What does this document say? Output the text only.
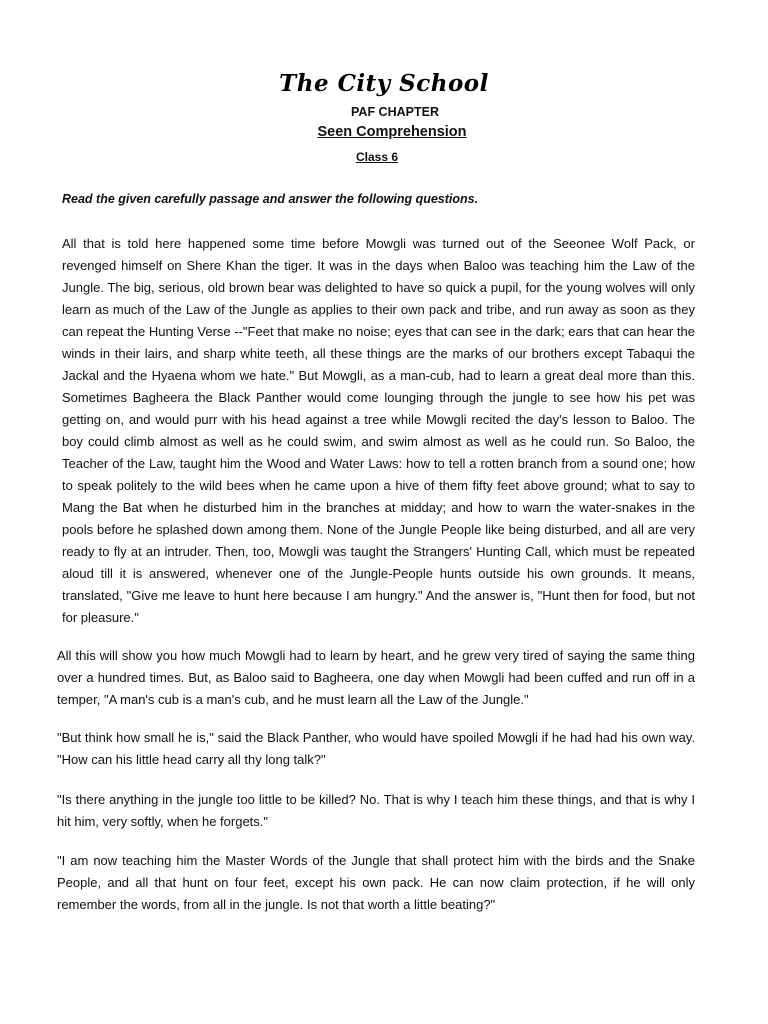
The City School
PAF CHAPTER
Seen Comprehension
Class 6
Read the given carefully passage and answer the following questions.
All that is told here happened some time before Mowgli was turned out of the Seeonee Wolf Pack, or revenged himself on Shere Khan the tiger. It was in the days when Baloo was teaching him the Law of the Jungle. The big, serious, old brown bear was delighted to have so quick a pupil, for the young wolves will only learn as much of the Law of the Jungle as applies to their own pack and tribe, and run away as soon as they can repeat the Hunting Verse --"Feet that make no noise; eyes that can see in the dark; ears that can hear the winds in their lairs, and sharp white teeth, all these things are the marks of our brothers except Tabaqui the Jackal and the Hyaena whom we hate." But Mowgli, as a man-cub, had to learn a great deal more than this. Sometimes Bagheera the Black Panther would come lounging through the jungle to see how his pet was getting on, and would purr with his head against a tree while Mowgli recited the day's lesson to Baloo. The boy could climb almost as well as he could swim, and swim almost as well as he could run. So Baloo, the Teacher of the Law, taught him the Wood and Water Laws: how to tell a rotten branch from a sound one; how to speak politely to the wild bees when he came upon a hive of them fifty feet above ground; what to say to Mang the Bat when he disturbed him in the branches at midday; and how to warn the water-snakes in the pools before he splashed down among them. None of the Jungle People like being disturbed, and all are very ready to fly at an intruder. Then, too, Mowgli was taught the Strangers' Hunting Call, which must be repeated aloud till it is answered, whenever one of the Jungle-People hunts outside his own grounds. It means, translated, "Give me leave to hunt here because I am hungry." And the answer is, "Hunt then for food, but not for pleasure."
All this will show you how much Mowgli had to learn by heart, and he grew very tired of saying the same thing over a hundred times. But, as Baloo said to Bagheera, one day when Mowgli had been cuffed and run off in a temper, "A man's cub is a man's cub, and he must learn all the Law of the Jungle."
"But think how small he is," said the Black Panther, who would have spoiled Mowgli if he had had his own way. "How can his little head carry all thy long talk?"
"Is there anything in the jungle too little to be killed? No. That is why I teach him these things, and that is why I hit him, very softly, when he forgets."
"I am now teaching him the Master Words of the Jungle that shall protect him with the birds and the Snake People, and all that hunt on four feet, except his own pack. He can now claim protection, if he will only remember the words, from all in the jungle. Is not that worth a little beating?"
